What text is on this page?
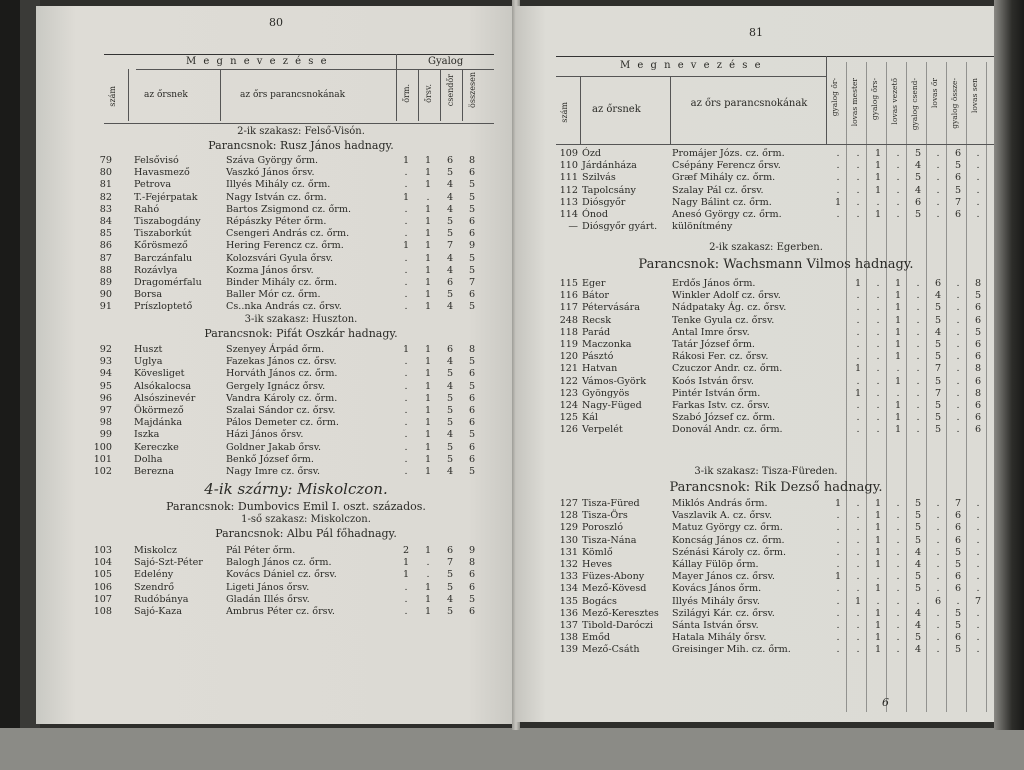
80
M e g n e v e z é s e	Gyalog
szám	az őrsnek	az őrs parancsnokának	őrm. őrsv. csendőr összesen
2-ik szakasz: Felső-Visón.
Parancsnok: Rusz János hadnagy.
79 Felsővisó	Száva György őrm.	1	1	6	8
80 Havasmező	Vaszkó János őrsv.	.	1	5	6
81 Petrova	Illyés Mihály cz. őrm.	.	1	4	5
82 T.-Fejérpatak	Nagy István cz. őrm.	1	.	4	5
83 Rahó	Bartos Zsigmond cz. őrm.	.	1	4	5
84 Tiszabogdány	Répászky Péter őrm.	.	1	5	6
85 Tiszaborkút	Csengeri András cz. őrm.	.	1	5	6
86 Kőrösmező	Hering Ferencz cz. őrm.	1	1	7	9
87 Barczánfalu	Kolozsvári Gyula őrsv.	.	1	4	5
88 Rozávlya	Kozma János őrsv.	.	1	4	5
89 Dragomérfalu	Binder Mihály cz. őrm.	.	1	6	7
90 Borsa	Baller Mór cz. őrm.	.	1	5	6
91 Príszloptető	Cs..nka András cz. őrsv.	.	1	4	5
3-ik szakasz: Huszton.
Parancsnok: Pifát Oszkár hadnagy.
92 Huszt	Szenyey Árpád őrm.	1	1	6	8
93 Uglya	Fazekas János cz. őrsv.	.	1	4	5
94 Kövesliget	Horváth János cz. őrm.	.	1	5	6
95 Alsókalocsa	Gergely Ignácz őrsv.	.	1	4	5
96 Alsószinevér	Vandra Károly cz. őrm.	.	1	5	6
97 Ökörmező	Szalai Sándor cz. őrsv.	.	1	5	6
98 Majdánka	Pálos Demeter cz. őrm.	.	1	5	6
99 Iszka	Házi János őrsv.	.	1	4	5
100 Kereczke	Goldner Jakab őrsv.	.	1	5	6
101 Dolha	Benkő József őrm.	.	1	5	6
102 Berezna	Nagy Imre cz. őrsv.	.	1	4	5
4-ik szárny: Miskolczon.
Parancsnok: Dumbovics Emil I. oszt. százados.
1-ső szakasz: Miskolczon.
Parancsnok: Albu Pál főhadnagy.
103 Miskolcz	Pál Péter őrm.	2	1	6	9
104 Sajó-Szt-Péter	Balogh János cz. őrm.	1	.	7	8
105 Edelény	Kovács Dániel cz. őrsv.	1	.	5	6
106 Szendrő	Ligeti János őrsv.	.	1	5	6
107 Rudóbánya	Gladán Illés őrsv.	.	1	4	5
108 Sajó-Kaza	Ambrus Péter cz. őrsv.	.	1	5	6
81
M e g n e v e z é s e
szám az őrsnek
az őrs parancsnokának	gyalog őr- lovas mester gyalog őrs- lovas vezető gyalog csend- lovas őr gyalog össze- lovas sen
109 Ózd	Promájer Józs. cz. őrm.	.	.	1	.	5	.	6	.
110 Járdánháza	Csépány Ferencz őrsv.	.	.	1	.	4	.	5	.
111 Szilvás	Græf Mihály cz. őrm.	.	.	1	.	5	.	6	.
112 Tapolcsány	Szalay Pál cz. őrsv.	.	.	1	.	4	.	5	.
113 Diósgyőr	Nagy Bálint cz. őrm.	1	.	.	.	6	.	7	.
114 Ónod	Anesó György cz. őrm.	.	.	1	.	5	.	6	.
— Diósgyőr gyárt.	különítmény
2-ik szakasz: Egerben.
Parancsnok: Wachsmann Vilmos hadnagy.
115 Eger	Erdős János őrm.	1	.	1	.	6	.	8
116 Bátor	Winkler Adolf cz. őrsv.	.	.	1	.	4	.	5
117 Pétervására	Nádpataky Ág. cz. őrsv.	.	.	1	.	5	.	6
248 Recsk	Tenke Gyula cz. őrsv.	.	.	1	.	5	.	6
118 Parád	Antal Imre őrsv.	.	.	1	.	4	.	5
119 Maczonka	Tatár József őrm.	.	.	1	.	5	.	6
120 Pásztó	Rákosi Fer. cz. őrsv.	.	.	1	.	5	.	6
121 Hatvan	Czuczor Andr. cz. őrm.	1	.	.	.	7	.	8
122 Vámos-Györk	Koós István őrsv.	.	.	1	.	5	.	6
123 Gyöngyös	Pintér István őrm.	1	.	.	.	7	.	8
124 Nagy-Füged	Farkas Istv. cz. őrsv.	.	.	1	.	5	.	6
125 Kál	Szabó József cz. őrm.	.	.	1	.	5	.	6
126 Verpelét	Donovál Andr. cz. őrm.	.	.	1	.	5	.	6
3-ik szakasz: Tisza-Füreden.
Parancsnok: Rik Dezső hadnagy.
127 Tisza-Füred	Miklós András őrm.	1	.	1	.	5	.	7	.
128 Tisza-Örs	Vaszlavik A. cz. őrsv.	.	.	1	.	5	.	6	.
129 Poroszló	Matuz György cz. őrm.	.	.	1	.	5	.	6	.
130 Tisza-Nána	Koncság János cz. őrm.	.	.	1	.	5	.	6	.
131 Kömlő	Szénási Károly cz. őrm.	.	.	1	.	4	.	5	.
132 Heves	Kállay Fülöp őrm.	.	.	1	.	4	.	5	.
133 Füzes-Abony	Mayer János cz. őrsv.	1	.	.	.	5	.	6	.
134 Mező-Kövesd	Kovács János őrm.	.	.	1	.	5	.	6	.
135 Bogács	Illyés Mihály őrsv.	.	1	.	.	.	6	.	7
136 Mező-Keresztes	Szilágyi Kár. cz. őrsv.	.	.	1	.	4	.	5	.
137 Tibold-Daróczi	Sánta István őrsv.	.	.	1	.	4	.	5	.
138 Emőd	Hatala Mihály őrsv.	.	.	1	.	5	.	6	.
139 Mező-Csáth	Greisinger Mih. cz. őrm.	.	.	1	.	4	.	5	.
6
